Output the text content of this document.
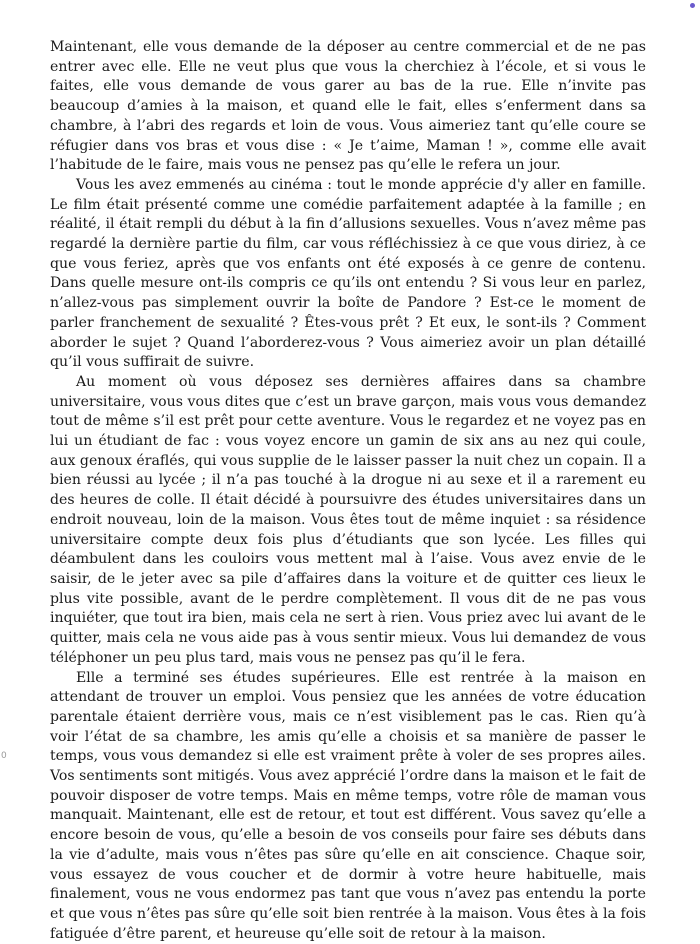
Maintenant, elle vous demande de la déposer au centre commercial et de ne pas entrer avec elle. Elle ne veut plus que vous la cherchiez à l’école, et si vous le faites, elle vous demande de vous garer au bas de la rue. Elle n’invite pas beaucoup d’amies à la maison, et quand elle le fait, elles s’enferment dans sa chambre, à l’abri des regards et loin de vous. Vous aimeriez tant qu’elle coure se réfugier dans vos bras et vous dise : « Je t’aime, Maman ! », comme elle avait l’habitude de le faire, mais vous ne pensez pas qu’elle le refera un jour.

Vous les avez emmenés au cinéma : tout le monde apprécie d'y aller en famille. Le film était présenté comme une comédie parfaitement adaptée à la famille ; en réalité, il était rempli du début à la fin d’allusions sexuelles. Vous n’avez même pas regardé la dernière partie du film, car vous réfléchissiez à ce que vous diriez, à ce que vous feriez, après que vos enfants ont été exposés à ce genre de contenu. Dans quelle mesure ont-ils compris ce qu’ils ont entendu ? Si vous leur en parlez, n’allez-vous pas simplement ouvrir la boîte de Pandore ? Est-ce le moment de parler franchement de sexualité ? Êtes-vous prêt ? Et eux, le sont-ils ? Comment aborder le sujet ? Quand l’aborderez-vous ? Vous aimeriez avoir un plan détaillé qu’il vous suffirait de suivre.

Au moment où vous déposez ses dernières affaires dans sa chambre universitaire, vous vous dites que c’est un brave garçon, mais vous vous demandez tout de même s’il est prêt pour cette aventure. Vous le regardez et ne voyez pas en lui un étudiant de fac : vous voyez encore un gamin de six ans au nez qui coule, aux genoux éraflés, qui vous supplie de le laisser passer la nuit chez un copain. Il a bien réussi au lycée ; il n’a pas touché à la drogue ni au sexe et il a rarement eu des heures de colle. Il était décidé à poursuivre des études universitaires dans un endroit nouveau, loin de la maison. Vous êtes tout de même inquiet : sa résidence universitaire compte deux fois plus d’étudiants que son lycée. Les filles qui déambulent dans les couloirs vous mettent mal à l’aise. Vous avez envie de le saisir, de le jeter avec sa pile d’affaires dans la voiture et de quitter ces lieux le plus vite possible, avant de le perdre complètement. Il vous dit de ne pas vous inquiéter, que tout ira bien, mais cela ne sert à rien. Vous priez avec lui avant de le quitter, mais cela ne vous aide pas à vous sentir mieux. Vous lui demandez de vous téléphoner un peu plus tard, mais vous ne pensez pas qu’il le fera.

Elle a terminé ses études supérieures. Elle est rentrée à la maison en attendant de trouver un emploi. Vous pensiez que les années de votre éducation parentale étaient derrière vous, mais ce n’est visiblement pas le cas. Rien qu’à voir l’état de sa chambre, les amis qu’elle a choisis et sa manière de passer le temps, vous vous demandez si elle est vraiment prête à voler de ses propres ailes. Vos sentiments sont mitigés. Vous avez apprécié l’ordre dans la maison et le fait de pouvoir disposer de votre temps. Mais en même temps, votre rôle de maman vous manquait. Maintenant, elle est de retour, et tout est différent. Vous savez qu’elle a encore besoin de vous, qu’elle a besoin de vos conseils pour faire ses débuts dans la vie d’adulte, mais vous n’êtes pas sûre qu’elle en ait conscience. Chaque soir, vous essayez de vous coucher et de dormir à votre heure habituelle, mais finalement, vous ne vous endormez pas tant que vous n’avez pas entendu la porte et que vous n’êtes pas sûre qu’elle soit bien rentrée à la maison. Vous êtes à la fois fatiguée d’être parent, et heureuse qu’elle soit de retour à la maison.

0
